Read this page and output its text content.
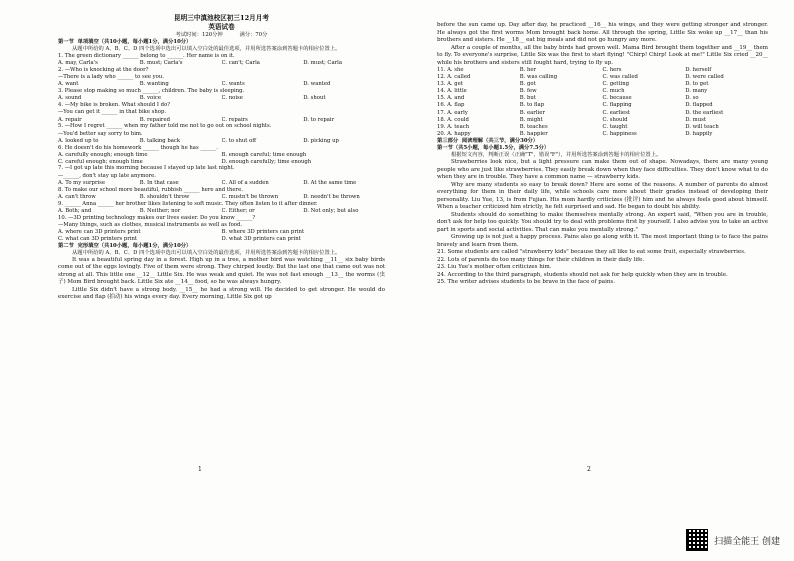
昆明三中滇池校区初三12月月考

英语试卷

考试时间：120分钟          满分：70分

第一节  单项填空（共10小题，每小题1分，满分10分）

从题中所给的 A、B、C、D 四个选项中选出可以填入空白处的最佳选项，并用所选答案涂到答题卡的相应位置上。

1. The green dictionary ______ belong to ______. Her name is on it.

A. may, Carla's	B. must; Carla's	C. can't; Carla	D. must; Carla

2. —Who is knocking at the door?

—There is a lady who ______ to see you.

A. want	B. wanting	C. wants	D. wanted

3. Please stop making so much ______, children. The baby is sleeping.

A. sound	B. voice	C. noise	D. shout

4. —My bike is broken. What should I do?

—You can get it ______ in that bike shop.

A. repair	B. repaired	C. repairs	D. to repair

5. —How I regret ______ when my father told me not to go out on school nights.

—You'd better say sorry to him.

A. looked up to	B. talking back	C. to shut off	D. picking up

6. He doesn't do his homework ______ though he has ______.

A. carefully enough; enough time	B. enough careful; time enough
C. careful enough; enough time	D. enough carefully; time enough

7. —I got up late this morning because I stayed up late last night.

—______, don't stay up late anymore.

A. To my surprise	B. In that case	C. All of a sudden	D. At the same time

8. To make our school more beautiful, rubbish ______ here and there.

A. can't throw	B. shouldn't throw	C. mustn't be thrown	D. needn't be thrown

9. ______ Anna ______ her brother likes listening to soft music. They often listen to it after dinner.

A. Both; and	B. Neither; nor	C. Either; or	D. Not only; but also

10. —3D printing technology makes our lives easier. Do you know ______?

—Many things, such as clothes, musical instruments as well as food.

A. where can 3D printers print	B. where 3D printers can print
C. what can 3D printers print	D. what 3D printers can print

第二节  完形填空（共10小题，每小题1分，满分10分）

从题中所给的 A、B、C、D 四个选项中选出可以填入空白处的最佳选项，并用所选答案涂到答题卡的相应位置上。

It was a beautiful spring day in a forest. High up in a tree, a mother bird was watching __11__ six baby birds come out of the eggs lovingly. Five of them were strong. They chirped loudly. But the last one that came out was not strong at all. This little one __12__ Little Six. He was weak and quiet. He was not fast enough __13__ the worms (虫子) Mom Bird brought back. Little Six ate __14__ food, so he was always hungry.

Little Six didn't have a strong body. __15__ he had a strong will. He decided to get stronger. He would do exercise and flap (拍动) his wings every day. Every morning, Little Six got up

1

before the sun came up. Day after day, he practiced __16__ his wings, and they were getting stronger and stronger. He always got the first worms Mom brought back home. All through the spring, Little Six woke up __17__ than his brothers and sisters. He __18__ eat big meals and did not go hungry any more.

After a couple of months, all the baby birds had grown well. Mama Bird brought them together and __19__ them to fly. To everyone's surprise, Little Six was the first to start flying! "Chirp! Chirp! Look at me!" Little Six cried __20__ while his brothers and sisters still fought hard, trying to fly up.

11. A. she	B. her	C. hers	D. herself
12. A. called	B. was calling	C. was called	D. were called
13. A. get	B. got	C. getting	D. to get
14. A. little	B. few	C. much	D. many
15. A. and	B. but	C. because	D. so
16. A. flap	B. to flap	C. flapping	D. flapped
17. A. early	B. earlier	C. earliest	D. the earliest
18. A. could	B. might	C. should	D. must
19. A. teach	B. teaches	C. taught	D. will teach
20. A. happy	B. happier	C. happiness	D. happily

第三部分  阅读理解（共三节，满分30分）

第一节（共5小题，每小题1.5分，满分7.5分）

根据短文内容，判断正误（正确"T"，错误"F"），并用所选答案涂到答题卡的相应位置上。

Strawberries look nice, but a light pressure can make them out of shape. Nowadays, there are many young people who are just like strawberries. They easily break down when they face difficulties. They don't know what to do when they are in trouble. They have a common name — strawberry kids.

Why are many students so easy to break down? Here are some of the reasons. A number of parents do almost everything for them in their daily life, while schools care more about their grades instead of developing their personality. Liu Yue, 13, is from Fujian. His mom hardly criticizes (批评) him and he always feels good about himself. When a teacher criticized him strictly, he felt surprised and sad. He began to doubt his ability.

Students should do something to make themselves mentally strong. An expert said, "When you are in trouble, don't ask for help too quickly. You should try to deal with problems first by yourself. I also advise you to take an active part in sports and social activities. That can make you mentally strong."

Growing up is not just a happy process. Pains also go along with it. The most important thing is to face the pains bravely and learn from them.

21. Some students are called "strawberry kids" because they all like to eat some fruit, especially strawberries.

22. Lots of parents do too many things for their children in their daily life.

23. Liu Yue's mother often criticizes him.

24. According to the third paragraph, students should not ask for help quickly when they are in trouble.

25. The writer advises students to be brave in the face of pains.

2
扫描全能王 创建
